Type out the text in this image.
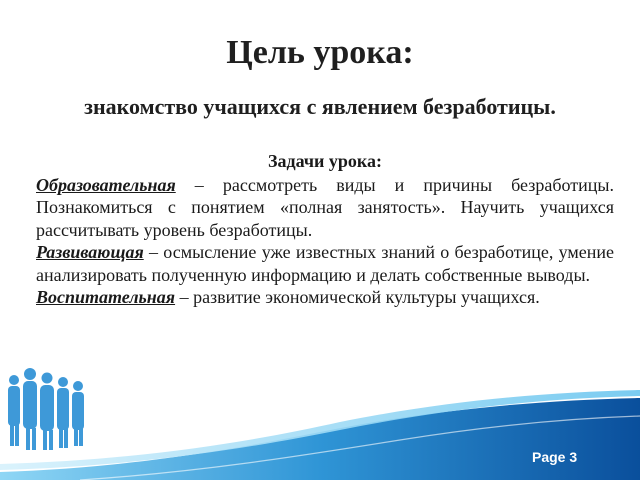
Цель урока:
знакомство учащихся с явлением безработицы.
Задачи урока:

Образовательная – рассмотреть виды и причины безработицы. Познакомиться с понятием «полная занятость». Научить учащихся рассчитывать уровень безработицы.

Развивающая – осмысление уже известных знаний о безработице, умение анализировать полученную информацию и делать собственные выводы.

Воспитательная – развитие экономической культуры учащихся.

Page 3
